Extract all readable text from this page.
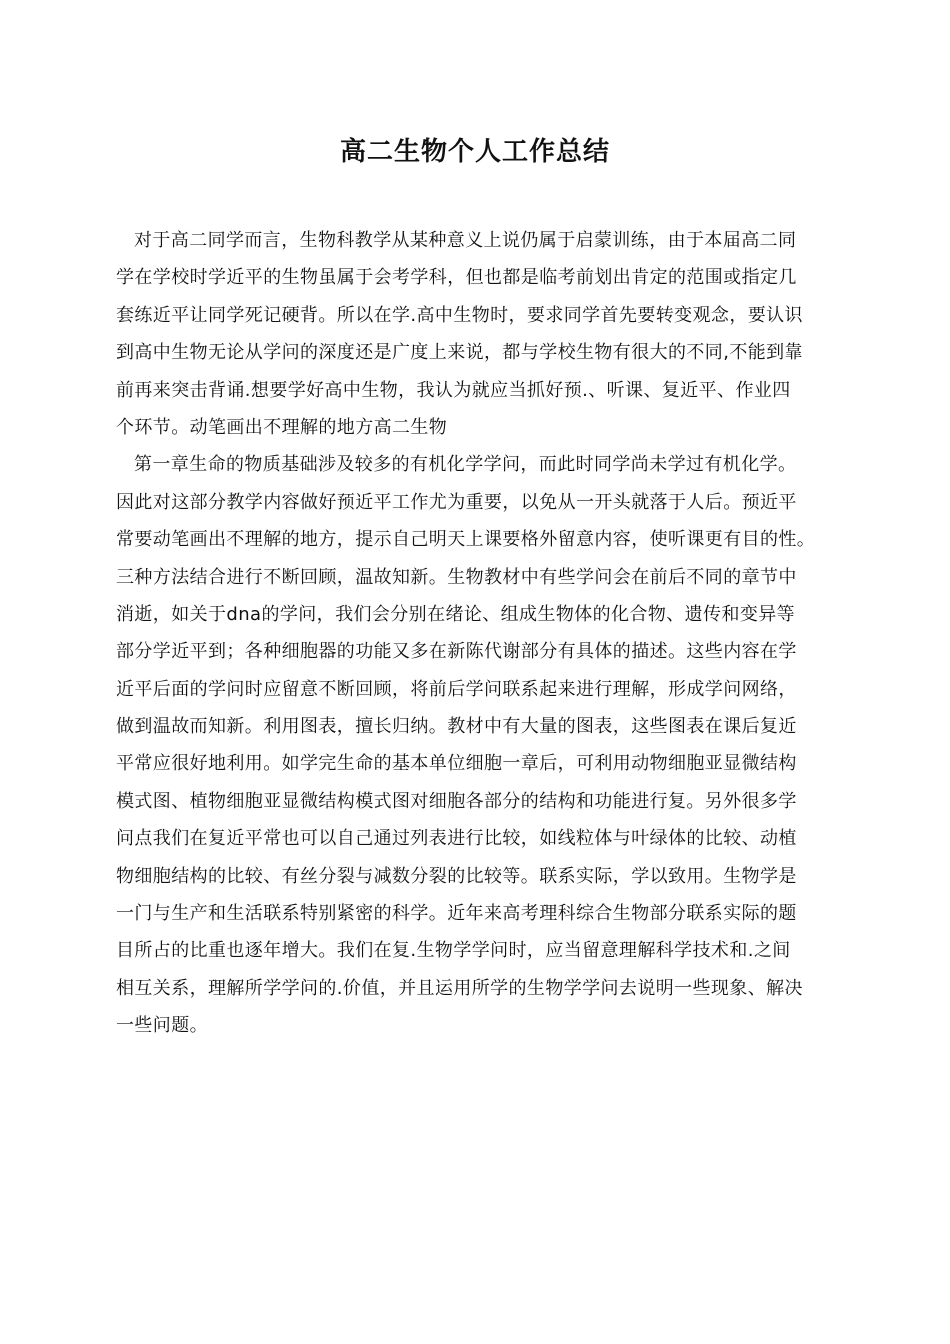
高二生物个人工作总结
对于高二同学而言，生物科教学从某种意义上说仍属于启蒙训练，由于本届高二同
学在学校时学近平的生物虽属于会考学科，但也都是临考前划出肯定的范围或指定几
套练近平让同学死记硬背。所以在学.高中生物时，要求同学首先要转变观念，要认识
到高中生物无论从学问的深度还是广度上来说，都与学校生物有很大的不同,不能到靠
前再来突击背诵.想要学好高中生物，我认为就应当抓好预.、听课、复近平、作业四
个环节。动笔画出不理解的地方高二生物
第一章生命的物质基础涉及较多的有机化学学问，而此时同学尚未学过有机化学。
因此对这部分教学内容做好预近平工作尤为重要，以免从一开头就落于人后。预近平
常要动笔画出不理解的地方，提示自己明天上课要格外留意内容，使听课更有目的性。
三种方法结合进行不断回顾，温故知新。生物教材中有些学问会在前后不同的章节中
消逝，如关于dna的学问，我们会分别在绪论、组成生物体的化合物、遗传和变异等
部分学近平到；各种细胞器的功能又多在新陈代谢部分有具体的描述。这些内容在学
近平后面的学问时应留意不断回顾，将前后学问联系起来进行理解，形成学问网络，
做到温故而知新。利用图表，擅长归纳。教材中有大量的图表，这些图表在课后复近
平常应很好地利用。如学完生命的基本单位细胞一章后，可利用动物细胞亚显微结构
模式图、植物细胞亚显微结构模式图对细胞各部分的结构和功能进行复。另外很多学
问点我们在复近平常也可以自己通过列表进行比较，如线粒体与叶绿体的比较、动植
物细胞结构的比较、有丝分裂与减数分裂的比较等。联系实际，学以致用。生物学是
一门与生产和生活联系特别紧密的科学。近年来高考理科综合生物部分联系实际的题
目所占的比重也逐年增大。我们在复.生物学学问时，应当留意理解科学技术和.之间
相互关系，理解所学学问的.价值，并且运用所学的生物学学问去说明一些现象、解决
一些问题。
